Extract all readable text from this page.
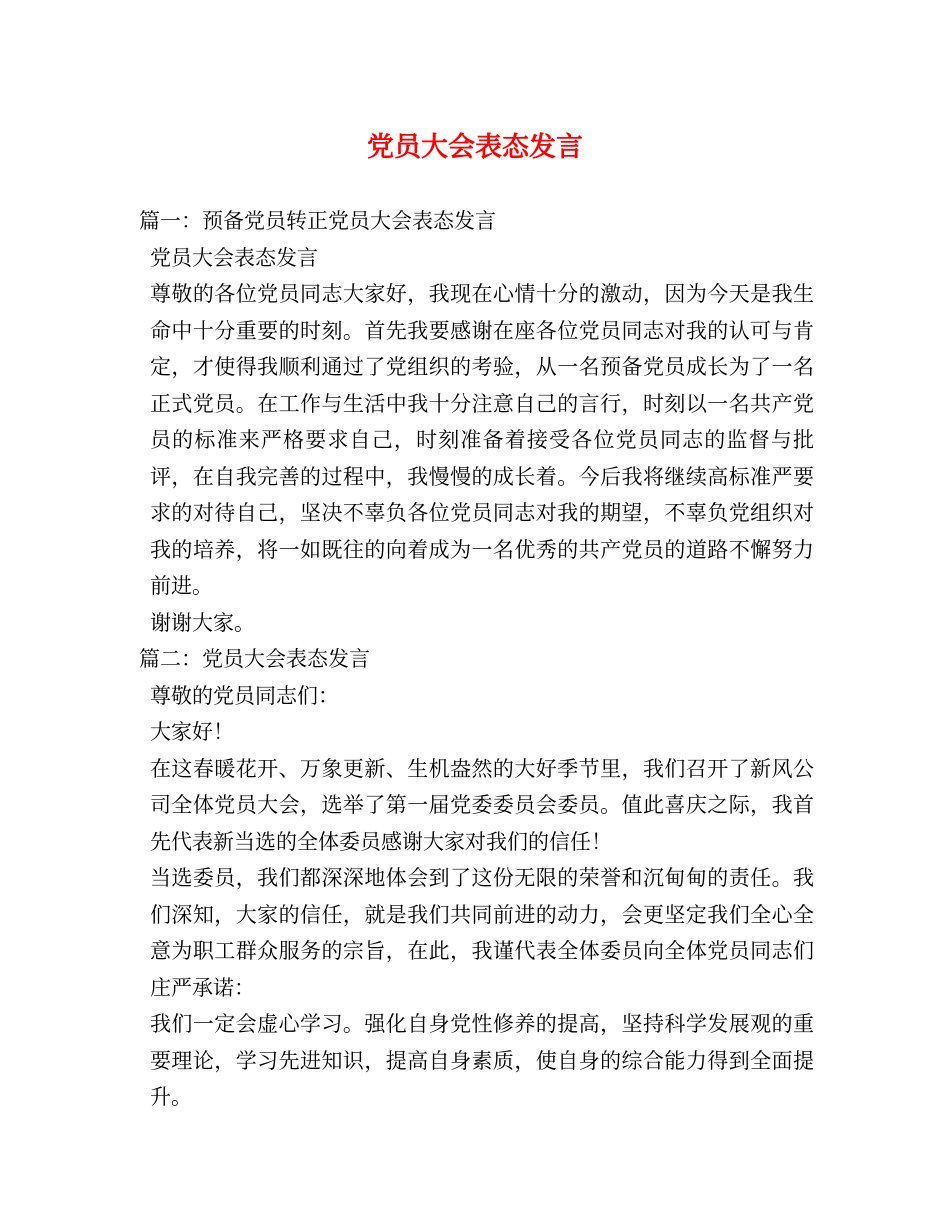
党员大会表态发言

篇一：预备党员转正党员大会表态发言

党员大会表态发言

尊敬的各位党员同志大家好，我现在心情十分的激动，因为今天是我生命中十分重要的时刻。首先我要感谢在座各位党员同志对我的认可与肯定，才使得我顺利通过了党组织的考验，从一名预备党员成长为了一名正式党员。在工作与生活中我十分注意自己的言行，时刻以一名共产党员的标准来严格要求自己，时刻准备着接受各位党员同志的监督与批评，在自我完善的过程中，我慢慢的成长着。今后我将继续高标准严要求的对待自己，坚决不辜负各位党员同志对我的期望，不辜负党组织对我的培养，将一如既往的向着成为一名优秀的共产党员的道路不懈努力前进。

谢谢大家。

篇二：党员大会表态发言

尊敬的党员同志们：

大家好！

在这春暖花开、万象更新、生机盎然的大好季节里，我们召开了新风公司全体党员大会，选举了第一届党委委员会委员。值此喜庆之际，我首先代表新当选的全体委员感谢大家对我们的信任！

当选委员，我们都深深地体会到了这份无限的荣誉和沉甸甸的责任。我们深知，大家的信任，就是我们共同前进的动力，会更坚定我们全心全意为职工群众服务的宗旨，在此，我谨代表全体委员向全体党员同志们庄严承诺：

我们一定会虚心学习。强化自身党性修养的提高，坚持科学发展观的重要理论，学习先进知识，提高自身素质，使自身的综合能力得到全面提升。
